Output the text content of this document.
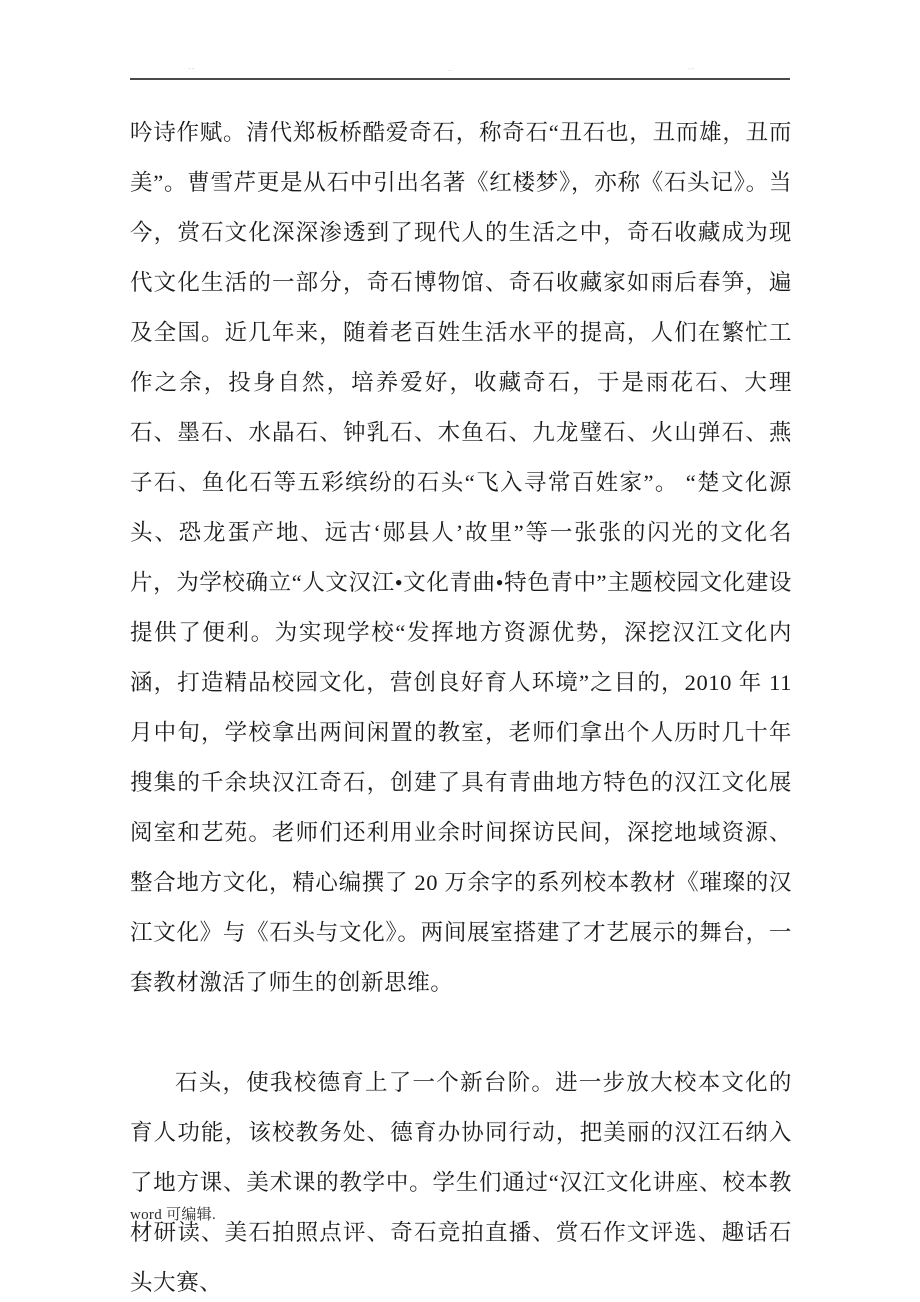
--	..	--

吟诗作赋。清代郑板桥酷爱奇石，称奇石“丑石也，丑而雄，丑而美”。曹雪芹更是从石中引出名著《红楼梦》，亦称《石头记》。当今，赏石文化深深渗透到了现代人的生活之中，奇石收藏成为现代文化生活的一部分，奇石博物馆、奇石收藏家如雨后春笋，遍及全国。近几年来，随着老百姓生活水平的提高，人们在繁忙工作之余，投身自然，培养爱好，收藏奇石，于是雨花石、大理石、墨石、水晶石、钟乳石、木鱼石、九龙璧石、火山弹石、燕子石、鱼化石等五彩缤纷的石头“飞入寻常百姓家”。 “楚文化源头、恐龙蛋产地、远古‘郧县人’故里”等一张张的闪光的文化名片，为学校确立“人文汉江•文化青曲•特色青中”主题校园文化建设提供了便利。为实现学校“发挥地方资源优势，深挖汉江文化内涵，打造精品校园文化，营创良好育人环境”之目的，2010 年 11 月中旬，学校拿出两间闲置的教室，老师们拿出个人历时几十年搜集的千余块汉江奇石，创建了具有青曲地方特色的汉江文化展阅室和艺苑。老师们还利用业余时间探访民间，深挖地域资源、整合地方文化，精心编撰了 20 万余字的系列校本教材《璀璨的汉江文化》与《石头与文化》。两间展室搭建了才艺展示的舞台，一套教材激活了师生的创新思维。

石头，使我校德育上了一个新台阶。进一步放大校本文化的育人功能，该校教务处、德育办协同行动，把美丽的汉江石纳入了地方课、美术课的教学中。学生们通过“汉江文化讲座、校本教材研读、美石拍照点评、奇石竞拍直播、赏石作文评选、趣话石头大赛、

word 可编辑.
